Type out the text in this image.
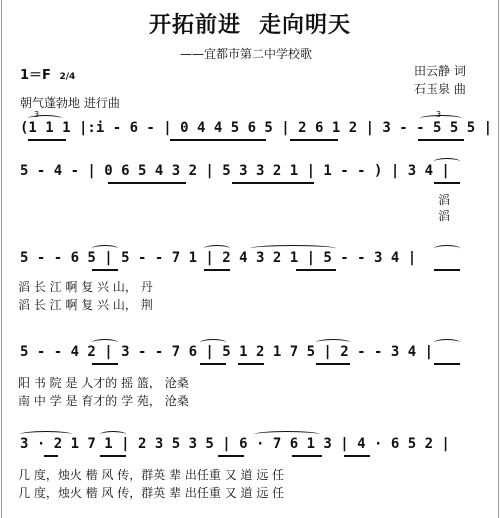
开拓前进 走向明天
——宜都市第二中学校歌
1＝F 2/4	田云静 词
石玉泉 曲
朝气蓬勃地 进行曲
3
(1 1 1 |:i - 6 - | 0 4 4 5 6 5 | 2 6 1 2 | 3 - - 5 5 5 |
3
5 - 4 - | 0 6 5 4 3 2 | 5 3 3 2 1 | 1 - - ) | 3 4 |
滔
滔
5 - - 6 5 | 5 - - 7 1 | 2 4 3 2 1 | 5 - - 3 4 |
滔 长 江 啊 复 兴 山， 丹
滔 长 江 啊 复 兴 山， 荆
5 - - 4 2 | 3 - - 7 6 | 5 1 2 1 7 5 | 2 - - 3 4 |
阳 书 院 是 人才的 摇 篮， 沧桑
南 中 学 是 育才的 学 苑， 沧桑
3 · 2 1 7 1 | 2 3 5 3 5 | 6 · 7 6 1 3 | 4 · 6 5 2 |
几 度，烛火 楷 风 传，群英 辈 出任重 又 道 远 任
几 度，烛火 楷 风 传，群英 辈 出任重 又 道 远 任
